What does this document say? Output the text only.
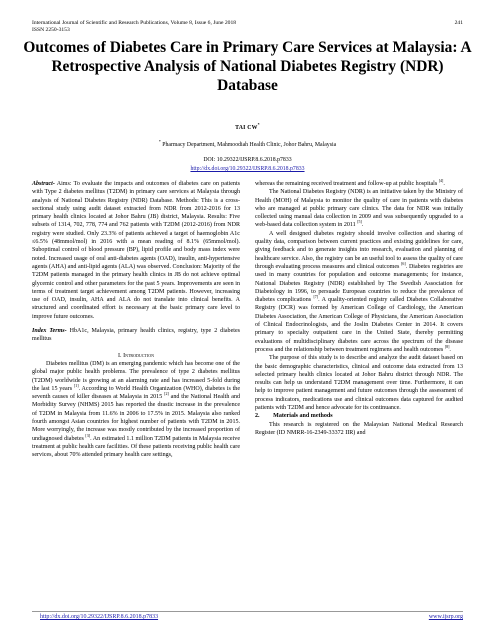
International Journal of Scientific and Research Publications, Volume 8, Issue 6, June 2018
ISSN 2250-3153
241
Outcomes of Diabetes Care in Primary Care Services at Malaysia: A Retrospective Analysis of National Diabetes Registry (NDR) Database
TAI CW*
* Pharmacy Department, Mahmoodiah Health Clinic, Johor Bahru, Malaysia
DOI: 10.29322/IJSRP.8.6.2018.p7833
http://dx.doi.org/10.29322/IJSRP.8.6.2018.p7833

Abstract- Aims: To evaluate the impacts and outcomes of diabetes care on patients with Type 2 diabetes mellitus (T2DM) in primary care services at Malaysia through analysis of National Diabetes Registry (NDR) Database. Methods: This is a cross-sectional study using audit dataset extracted from NDR from 2012-2016 for 13 primary health clinics located at Johor Bahru (JB) district, Malaysia. Results: Five subsets of 1314, 702, 778, 774 and 762 patients with T2DM (2012-2016) from NDR registry were studied. Only 23.3% of patients achieved a target of haemoglobin A1c ≤6.5% (48mmol/mol) in 2016 with a mean reading of 8.1% (65mmol/mol). Suboptimal control of blood pressure (BP), lipid profile and body mass index were noted. Increased usage of oral anti-diabetes agents (OAD), insulin, anti-hypertensive agents (AHA) and anti-lipid agents (ALA) was observed. Conclusion: Majority of the T2DM patients managed in the primary health clinics in JB do not achieve optimal glycemic control and other parameters for the past 5 years. Improvements are seen in terms of treatment target achievement among T2DM patients. However, increasing use of OAD, insulin, AHA and ALA do not translate into clinical benefits. A structured and coordinated effort is necessary at the basic primary care level to improve future outcomes.

Index Terms- HbA1c, Malaysia, primary health clinics, registry, type 2 diabetes mellitus

I. Introduction

Diabetes mellitus (DM) is an emerging pandemic which has become one of the global major public health problems. The prevalence of type 2 diabetes mellitus (T2DM) worldwide is growing at an alarming rate and has increased 5-fold during the last 15 years [1]. According to World Health Organization (WHO), diabetes is the seventh causes of killer diseases at Malaysia in 2015 [2] and the National Health and Morbidity Survey (NHMS) 2015 has reported the drastic increase in the prevalence of T2DM in Malaysia from 11.6% in 2006 to 17.5% in 2015. Malaysia also ranked fourth amongst Asian countries for highest number of patients with T2DM in 2015. More worryingly, the increase was mostly contributed by the increased proportion of undiagnosed diabetes [3]. An estimated 1.1 million T2DM patients in Malaysia receive treatment at public health care facilities. Of these patients receiving public health care services, about 70% attended primary health care settings,

whereas the remaining received treatment and follow-up at public hospitals [4].

The National Diabetes Registry (NDR) is an initiative taken by the Ministry of Health (MOH) of Malaysia to monitor the quality of care in patients with diabetes who are managed at public primary care clinics. The data for NDR was initially collected using manual data collection in 2009 and was subsequently upgraded to a web-based data collection system in 2011 [5].

A well designed diabetes registry should involve collection and sharing of quality data, comparison between current practices and existing guidelines for care, giving feedback and to generate insights into research, evaluation and planning of healthcare service. Also, the registry can be an useful tool to assess the quality of care through evaluating process measures and clinical outcomes [6]. Diabetes registries are used in many countries for population and outcome managements; for instance, National Diabetes Registry (NDR) established by The Swedish Association for Diabetology in 1996, to persuade European countries to reduce the prevalence of diabetes complications [7]. A quality-oriented registry called Diabetes Collaborative Registry (DCR) was formed by American College of Cardiology, the American Diabetes Association, the American College of Physicians, the American Association of Clinical Endocrinologists, and the Joslin Diabetes Center in 2014. It covers primary to specialty outpatient care in the United State, thereby permitting evaluations of multidisciplinary diabetes care across the spectrum of the disease process and the relationship between treatment regimens and health outcomes [8].

The purpose of this study is to describe and analyze the audit dataset based on the basic demographic characteristics, clinical and outcome data extracted from 13 selected primary health clinics located at Johor Bahru district through NDR. The results can help us understand T2DM management over time. Furthermore, it can help to improve patient management and future outcomes through the assessment of process indicators, medications use and clinical outcomes data captured for audited patients with T2DM and hence advocate for its continuance.

2. Materials and methods

This research is registered on the Malaysian National Medical Research Register (ID NMRR-16-2349-33372 IIR) and

http://dx.doi.org/10.29322/IJSRP.8.6.2018.p7833	www.ijsrp.org
